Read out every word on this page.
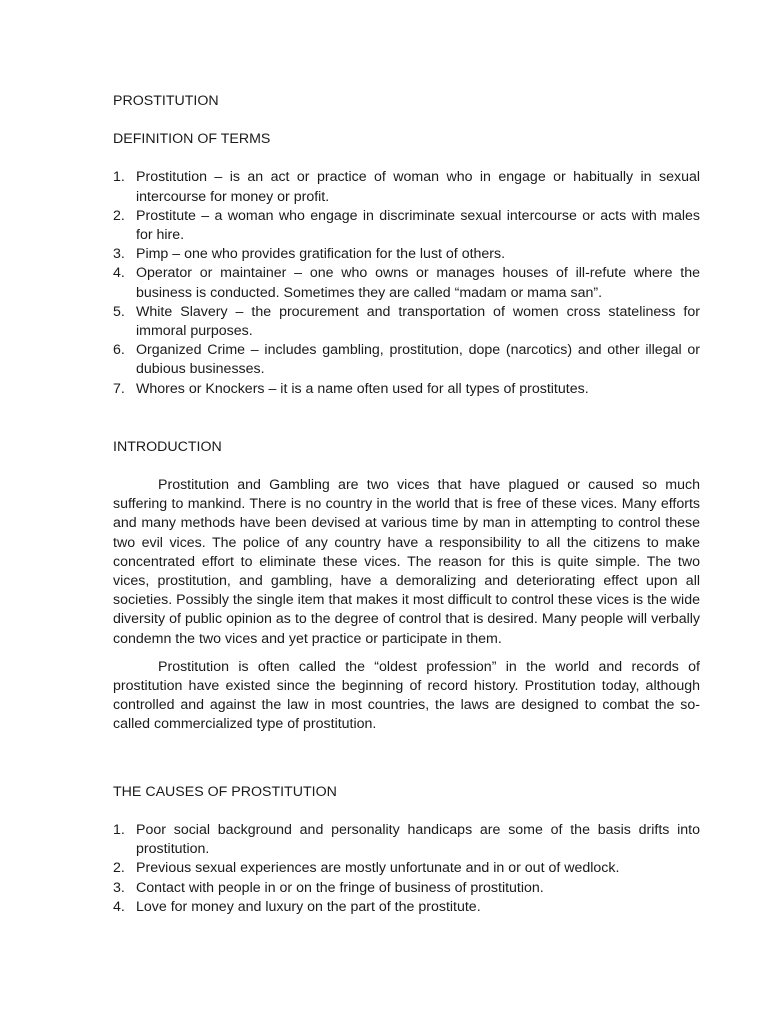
PROSTITUTION
DEFINITION OF TERMS
1. Prostitution – is an act or practice of woman who in engage or habitually in sexual intercourse for money or profit.
2. Prostitute – a woman who engage in discriminate sexual intercourse or acts with males for hire.
3. Pimp – one who provides gratification for the lust of others.
4. Operator or maintainer – one who owns or manages houses of ill-refute where the business is conducted. Sometimes they are called “madam or mama san”.
5. White Slavery – the procurement and transportation of women cross stateliness for immoral purposes.
6. Organized Crime – includes gambling, prostitution, dope (narcotics) and other illegal or dubious businesses.
7. Whores or Knockers – it is a name often used for all types of prostitutes.
INTRODUCTION

Prostitution and Gambling are two vices that have plagued or caused so much suffering to mankind. There is no country in the world that is free of these vices. Many efforts and many methods have been devised at various time by man in attempting to control these two evil vices. The police of any country have a responsibility to all the citizens to make concentrated effort to eliminate these vices. The reason for this is quite simple. The two vices, prostitution, and gambling, have a demoralizing and deteriorating effect upon all societies. Possibly the single item that makes it most difficult to control these vices is the wide diversity of public opinion as to the degree of control that is desired. Many people will verbally condemn the two vices and yet practice or participate in them.

Prostitution is often called the “oldest profession” in the world and records of prostitution have existed since the beginning of record history. Prostitution today, although controlled and against the law in most countries, the laws are designed to combat the so-called commercialized type of prostitution.

THE CAUSES OF PROSTITUTION
1. Poor social background and personality handicaps are some of the basis drifts into prostitution.
2. Previous sexual experiences are mostly unfortunate and in or out of wedlock.
3. Contact with people in or on the fringe of business of prostitution.
4. Love for money and luxury on the part of the prostitute.
